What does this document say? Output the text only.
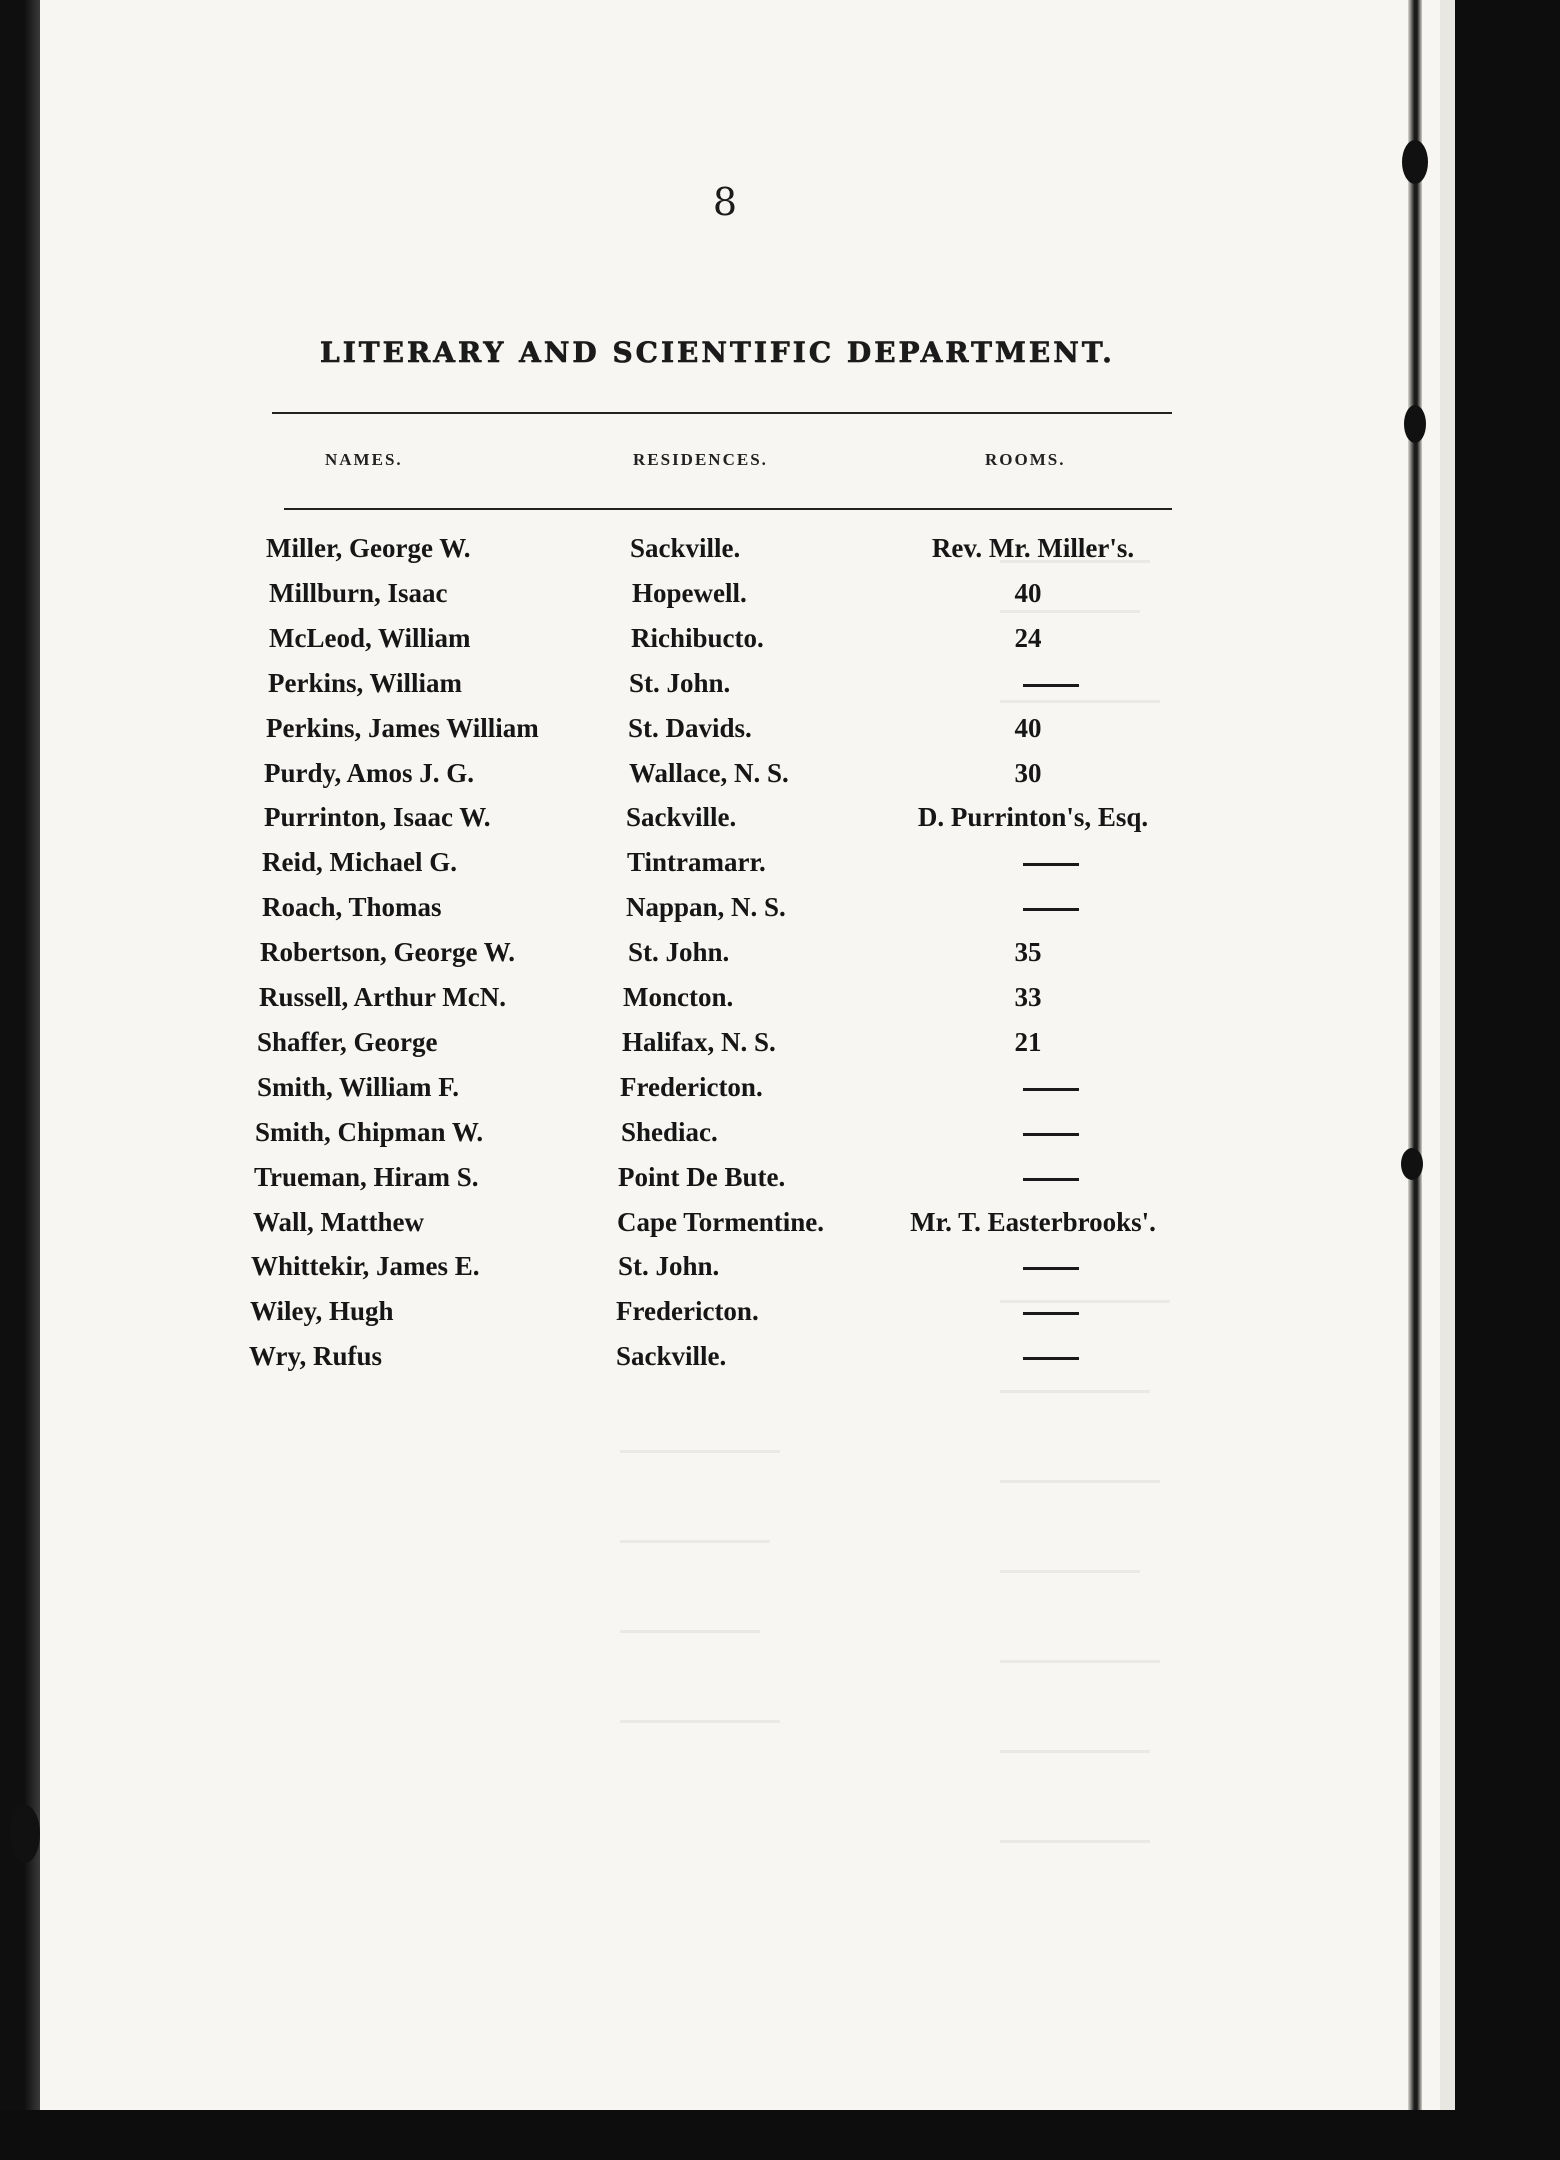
8
LITERARY AND SCIENTIFIC DEPARTMENT.
NAMES.	RESIDENCES.	ROOMS.
Miller, George W.	Sackville.	Rev. Mr. Miller's.
Millburn, Isaac	Hopewell.	40
McLeod, William	Richibucto.	24
Perkins, William	St. John.
Perkins, James William	St. Davids.	40
Purdy, Amos J. G.	Wallace, N. S.	30
Purrinton, Isaac W.	Sackville.	D. Purrinton's, Esq.
Reid, Michael G.	Tintramarr.
Roach, Thomas	Nappan, N. S.
Robertson, George W.	St. John.	35
Russell, Arthur McN.	Moncton.	33
Shaffer, George	Halifax, N. S.	21
Smith, William F.	Fredericton.
Smith, Chipman W.	Shediac.
Trueman, Hiram S.	Point De Bute.
Wall, Matthew	Cape Tormentine.	Mr. T. Easterbrooks'.
Whittekir, James E.	St. John.
Wiley, Hugh	Fredericton.
Wry, Rufus	Sackville.
